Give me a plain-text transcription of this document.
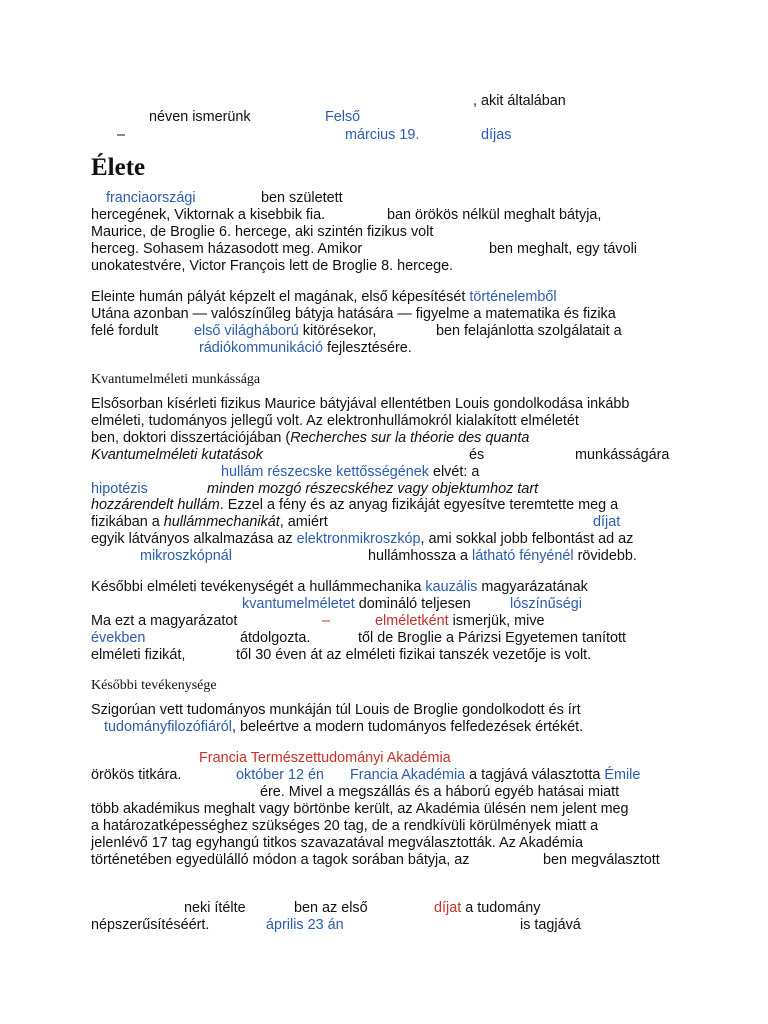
, akit általában
néven ismerünk	Felső
–	március 19.	díjas
Élete
franciaországi	ben született
hercegének, Viktornak a kisebbik fia.	ban örökös nélkül meghalt bátyja,
Maurice, de Broglie 6. hercege, aki szintén fizikus volt
herceg. Sohasem házasodott meg. Amikor	ben meghalt, egy távoli
unokatestvére, Victor François lett de Broglie 8. hercege.
Eleinte humán pályát képzelt el magának, első képesítését történelemből
Utána azonban — valószínűleg bátyja hatására — figyelme a matematika és fizika
felé fordult első világháború kitörésekor,	ben felajánlotta szolgálatait a
rádiókommunikáció fejlesztésére.
Kvantumelméleti munkássága
Elsősorban kísérleti fizikus Maurice bátyjával ellentétben Louis gondolkodása inkább
elméleti, tudományos jellegű volt. Az elektronhullámokról kialakított elméletét
ben, doktori disszertációjában (Recherches sur la théorie des quanta
Kvantumelméleti kutatások	és	munkásságára
hullám részecske kettősségének elvét: a
hipotézis	minden mozgó részecskéhez vagy objektumhoz tart
hozzárendelt hullám. Ezzel a fény és az anyag fizikáját egyesítve teremtette meg a
fizikában a hullámmechanikát, amiért	díjat
egyik látványos alkalmazása az elektronmikroszkóp, ami sokkal jobb felbontást ad az
mikroszkópnál	hullámhossza a látható fényénél rövidebb.
Későbbi elméleti tevékenységét a hullámmechanika kauzális magyarázatának
kvantumelméletet domináló teljesen	lószínűségi
Ma ezt a magyarázatot	–	elméletként ismerjük, mive
években	átdolgozta.	től de Broglie a Párizsi Egyetemen tanított
elméleti fizikát,	től 30 éven át az elméleti fizikai tanszék vezetője is volt.
Későbbi tevékenysége
Szigorúan vett tudományos munkáján túl Louis de Broglie gondolkodott és írt
tudományfilozófiáról, beleértve a modern tudományos felfedezések értékét.
Francia Természettudományi Akadémia
örökös titkára.	október 12 én Francia Akadémia a tagjává választotta Émile
ére. Mivel a megszállás és a háború egyéb hatásai miatt
több akadémikus meghalt vagy börtönbe került, az Akadémia ülésén nem jelent meg
a határozatképességhez szükséges 20 tag, de a rendkívüli körülmények miatt a
jelenlévő 17 tag egyhangú titkos szavazatával megválasztották. Az Akadémia
történetében egyedülálló módon a tagok sorában bátyja, az	ben megválasztott
neki ítélte	ben az első	díjat a tudomány
népszerűsítéséért.	április 23 án	is tagjává
